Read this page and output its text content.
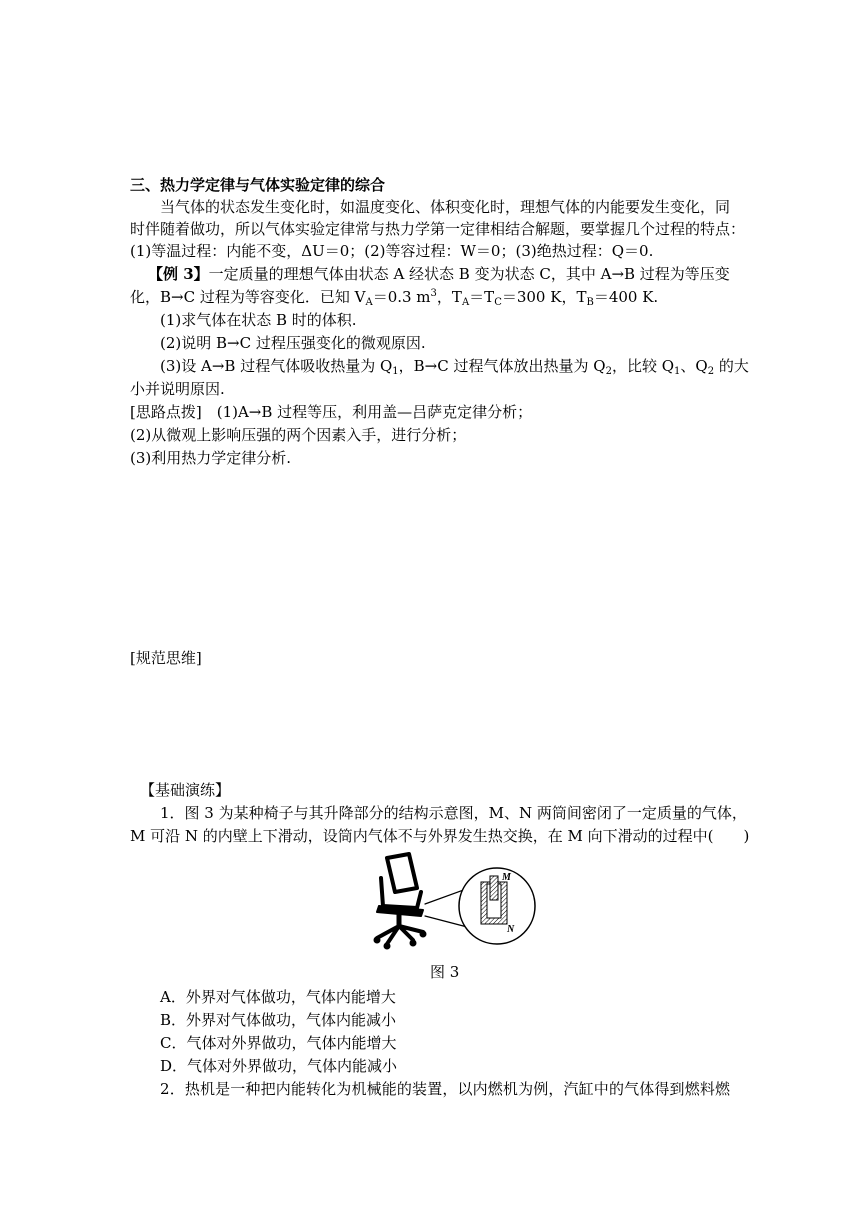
三、热力学定律与气体实验定律的综合
当气体的状态发生变化时，如温度变化、体积变化时，理想气体的内能要发生变化，同
时伴随着做功，所以气体实验定律常与热力学第一定律相结合解题，要掌握几个过程的特点：
(1)等温过程：内能不变，ΔU＝0；(2)等容过程：W＝0；(3)绝热过程：Q＝0.
【例 3】一定质量的理想气体由状态 A 经状态 B 变为状态 C，其中 A→B 过程为等压变
化，B→C 过程为等容变化．已知 $V_A=0.3$ $m^3$，$T_A=T_C=300$ K，$T_B=400$ K.
(1)求气体在状态 B 时的体积.
(2)说明 B→C 过程压强变化的微观原因.
(3)设 A→B 过程气体吸收热量为 $Q_1$，B→C 过程气体放出热量为 $Q_2$，比较 $Q_1$、$Q_2$ 的大
小并说明原因.
[思路点拨]　(1)A→B 过程等压，利用盖—吕萨克定律分析；
(2)从微观上影响压强的两个因素入手，进行分析；
(3)利用热力学定律分析.
[规范思维]
【基础演练】
1．图 3 为某种椅子与其升降部分的结构示意图，M、N 两筒间密闭了一定质量的气体，
M 可沿 N 的内壁上下滑动，设筒内气体不与外界发生热交换，在 M 向下滑动的过程中(　　)
M
N
图 3
A．外界对气体做功，气体内能增大
B．外界对气体做功，气体内能减小
C．气体对外界做功，气体内能增大
D．气体对外界做功，气体内能减小
2．热机是一种把内能转化为机械能的装置，以内燃机为例，汽缸中的气体得到燃料燃
